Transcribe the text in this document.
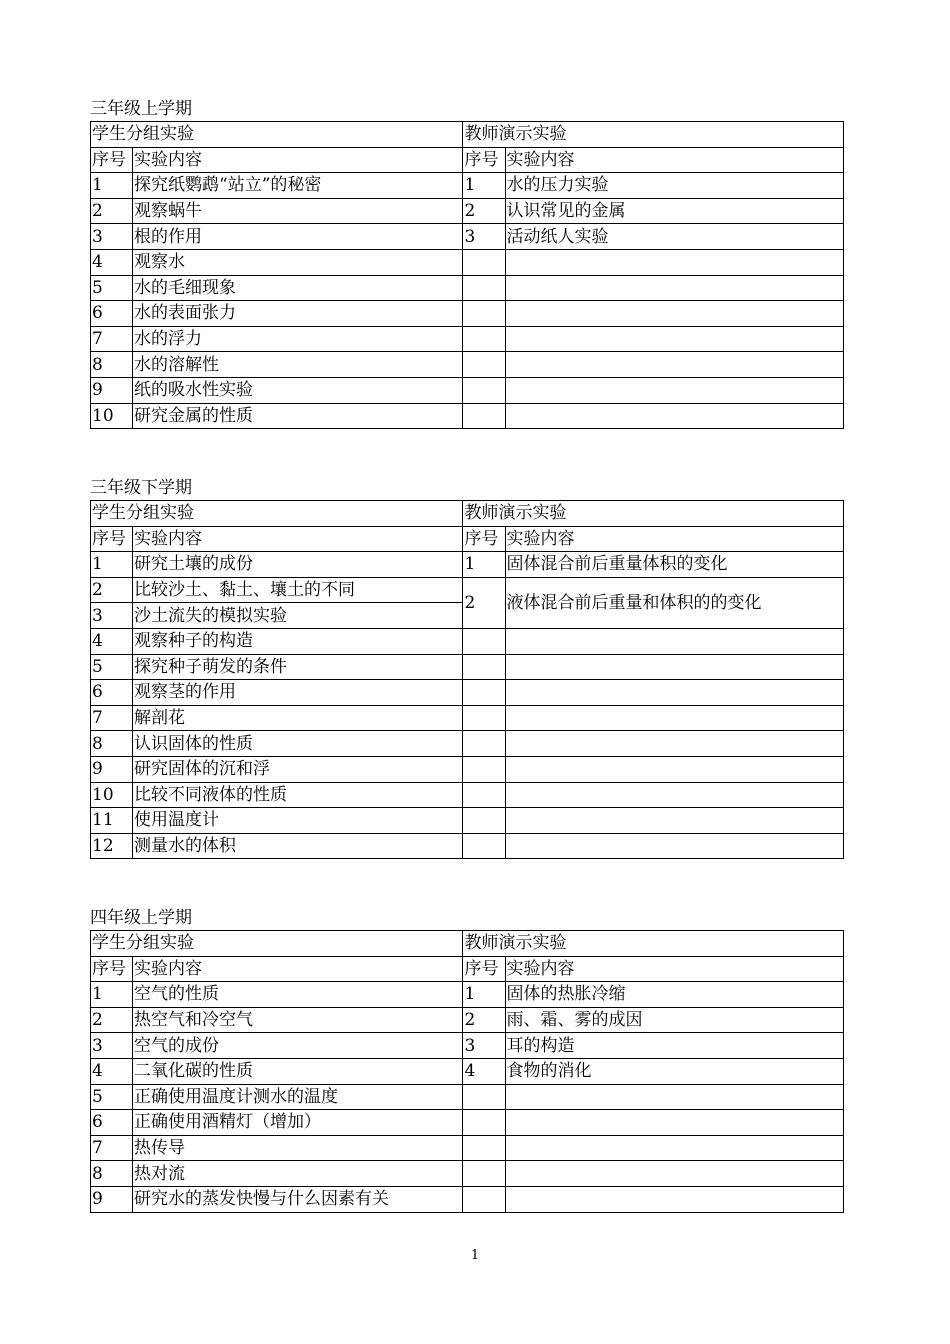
三年级上学期
学生分组实验		教师演示实验	
序号	实验内容	序号	实验内容
1	探究纸鹦鹉“站立”的秘密	1	水的压力实验
2	观察蜗牛	2	认识常见的金属
3	根的作用	3	活动纸人实验
4	观察水		
5	水的毛细现象		
6	水的表面张力		
7	水的浮力		
8	水的溶解性		
9	纸的吸水性实验		
10	研究金属的性质		
三年级下学期
学生分组实验		教师演示实验	
序号	实验内容	序号	实验内容
1	研究土壤的成份	1	固体混合前后重量体积的变化
2	比较沙土、黏土、壤土的不同	2	液体混合前后重量和体积的的变化
3	沙土流失的模拟实验		
4	观察种子的构造		
5	探究种子萌发的条件		
6	观察茎的作用		
7	解剖花		
8	认识固体的性质		
9	研究固体的沉和浮		
10	比较不同液体的性质		
11	使用温度计		
12	测量水的体积		
四年级上学期
学生分组实验		教师演示实验	
序号	实验内容	序号	实验内容
1	空气的性质	1	固体的热胀冷缩
2	热空气和冷空气	2	雨、霜、雾的成因
3	空气的成份	3	耳的构造
4	二氧化碳的性质	4	食物的消化
5	正确使用温度计测水的温度		
6	正确使用酒精灯（增加）		
7	热传导		
8	热对流		
9	研究水的蒸发快慢与什么因素有关		
1
